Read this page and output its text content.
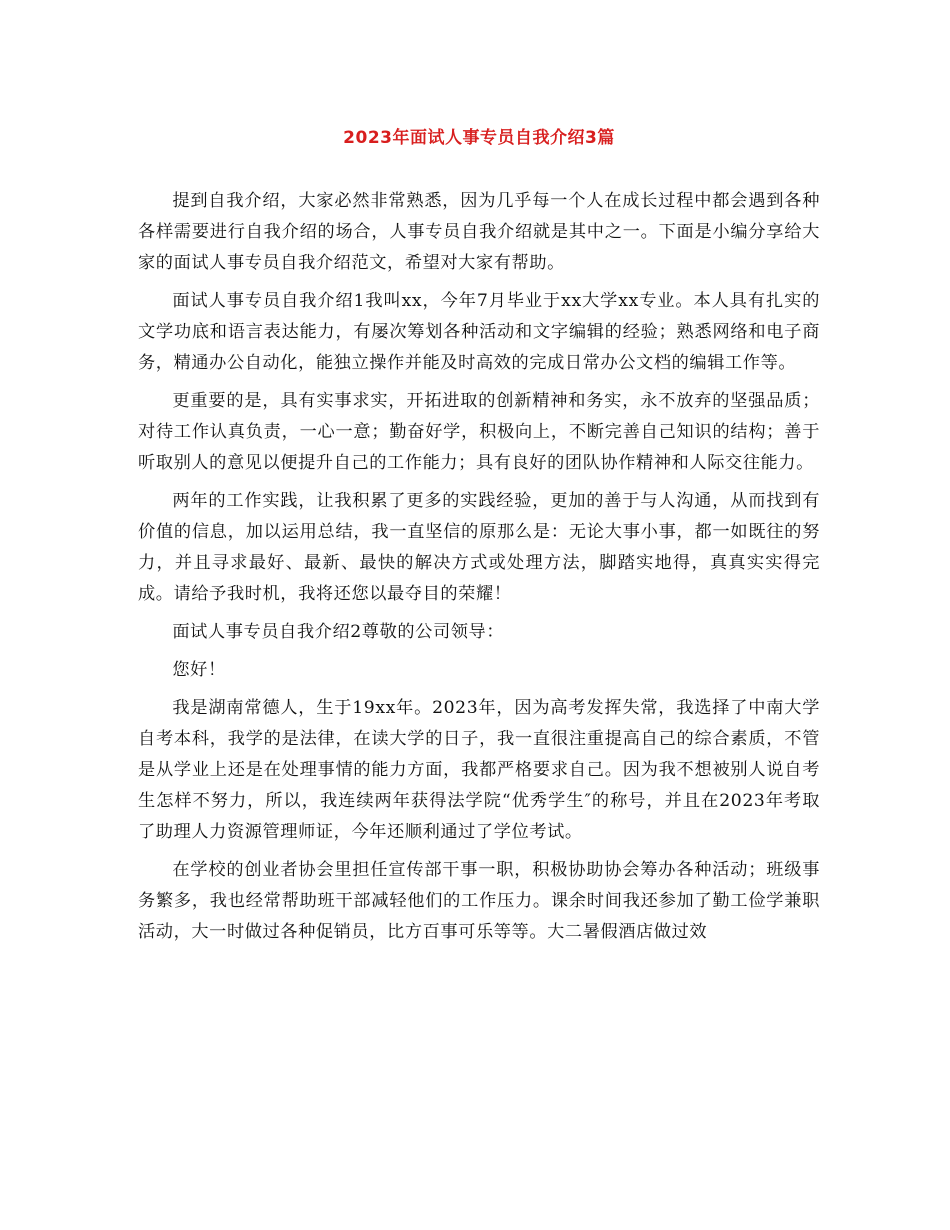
2023年面试人事专员自我介绍3篇

提到自我介绍，大家必然非常熟悉，因为几乎每一个人在成长过程中都会遇到各种各样需要进行自我介绍的场合，人事专员自我介绍就是其中之一。下面是小编分享给大家的面试人事专员自我介绍范文，希望对大家有帮助。

面试人事专员自我介绍1我叫xx，今年7月毕业于xx大学xx专业。本人具有扎实的文学功底和语言表达能力，有屡次筹划各种活动和文字编辑的经验；熟悉网络和电子商务，精通办公自动化，能独立操作并能及时高效的完成日常办公文档的编辑工作等。

更重要的是，具有实事求实，开拓进取的创新精神和务实，永不放弃的坚强品质；对待工作认真负责，一心一意；勤奋好学，积极向上，不断完善自己知识的结构；善于听取别人的意见以便提升自己的工作能力；具有良好的团队协作精神和人际交往能力。

两年的工作实践，让我积累了更多的实践经验，更加的善于与人沟通，从而找到有价值的信息，加以运用总结，我一直坚信的原那么是：无论大事小事，都一如既往的努力，并且寻求最好、最新、最快的解决方式或处理方法，脚踏实地得，真真实实得完成。请给予我时机，我将还您以最夺目的荣耀！

面试人事专员自我介绍2尊敬的公司领导：

您好！

我是湖南常德人，生于19xx年。2023年，因为高考发挥失常，我选择了中南大学自考本科，我学的是法律，在读大学的日子，我一直很注重提高自己的综合素质，不管是从学业上还是在处理事情的能力方面，我都严格要求自己。因为我不想被别人说自考生怎样不努力，所以，我连续两年获得法学院“优秀学生″的称号，并且在2023年考取了助理人力资源管理师证，今年还顺利通过了学位考试。

在学校的创业者协会里担任宣传部干事一职，积极协助协会筹办各种活动；班级事务繁多，我也经常帮助班干部减轻他们的工作压力。课余时间我还参加了勤工俭学兼职活动，大一时做过各种促销员，比方百事可乐等等。大二暑假酒店做过效
